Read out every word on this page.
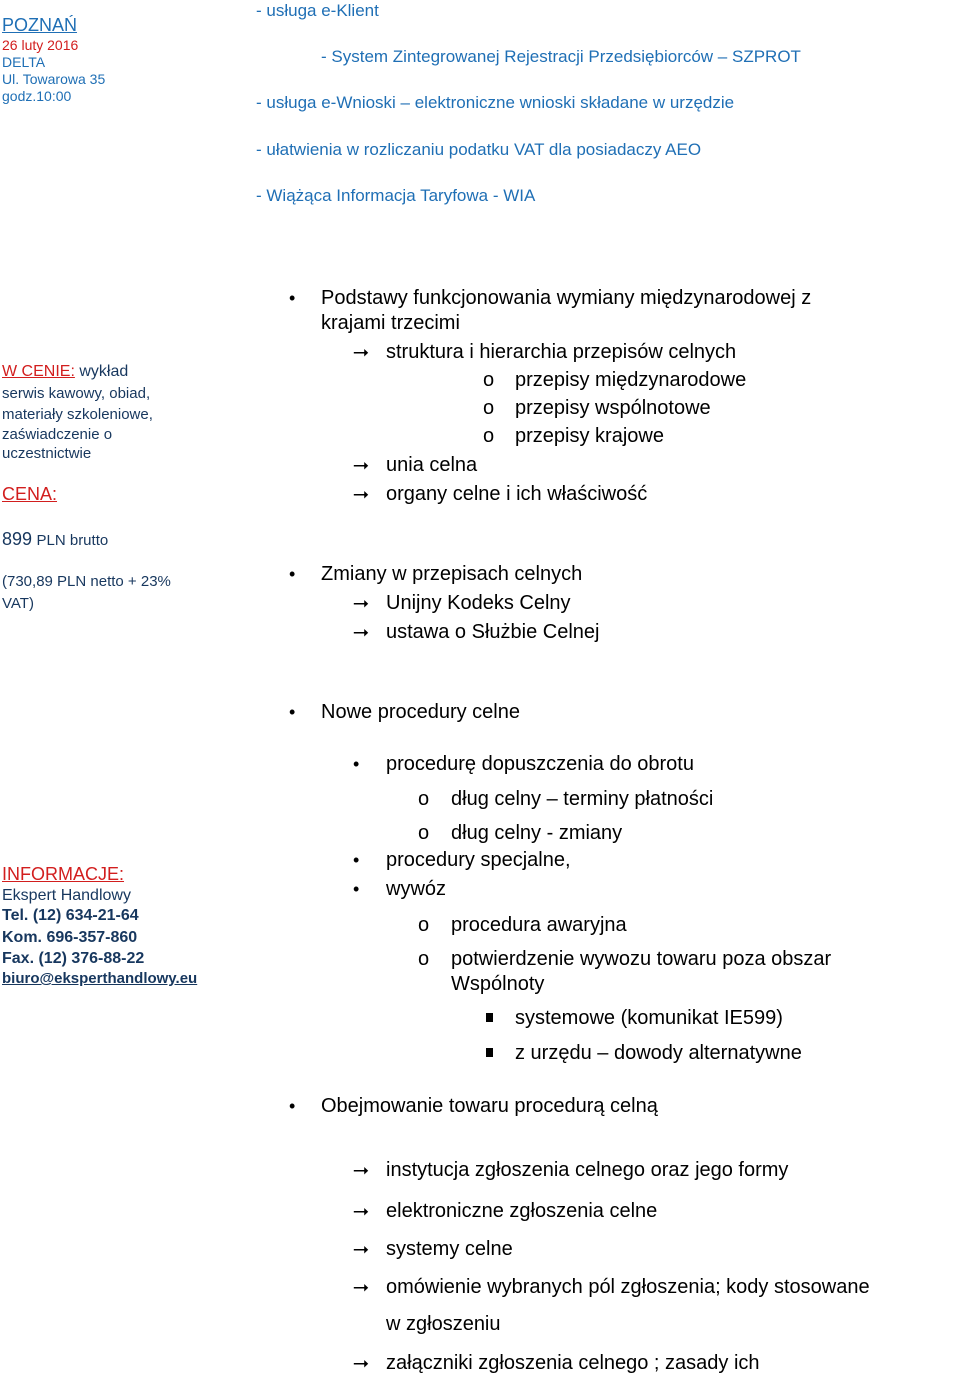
POZNAŃ
26 luty 2016
DELTA
Ul. Towarowa 35
godz.10:00
W CENIE: wykład
serwis kawowy, obiad,
materiały szkoleniowe,
zaświadczenie o
uczestnictwie
CENA:
899 PLN brutto
(730,89 PLN netto + 23%
VAT)
INFORMACJE:
Ekspert Handlowy
Tel. (12) 634-21-64
Kom. 696-357-860
Fax. (12) 376-88-22
biuro@eksperthandlowy.eu
- usługa e-Klient
- System Zintegrowanej Rejestracji Przedsiębiorców – SZPROT
- usługa e-Wnioski – elektroniczne wnioski składane w urzędzie
- ułatwienia w rozliczaniu podatku VAT dla posiadaczy AEO
- Wiążąca Informacja Taryfowa - WIA
• Podstawy funkcjonowania wymiany międzynarodowej z
krajami trzecimi
⭢ struktura i hierarchia przepisów celnych
o przepisy międzynarodowe
o przepisy wspólnotowe
o przepisy krajowe
⭢ unia celna
⭢ organy celne i ich właściwość
• Zmiany w przepisach celnych
⭢ Unijny Kodeks Celny
⭢ ustawa o Służbie Celnej
• Nowe procedury celne
• procedurę dopuszczenia do obrotu
o dług celny – terminy płatności
o dług celny - zmiany
• procedury specjalne,
• wywóz
o procedura awaryjna
o potwierdzenie wywozu towaru poza obszar
Wspólnoty
systemowe (komunikat IE599)
z urzędu – dowody alternatywne
• Obejmowanie towaru procedurą celną
⭢ instytucja zgłoszenia celnego oraz jego formy
⭢ elektroniczne zgłoszenia celne
⭢ systemy celne
⭢ omówienie wybranych pól zgłoszenia; kody stosowane
w zgłoszeniu
⭢ załączniki zgłoszenia celnego ; zasady ich
